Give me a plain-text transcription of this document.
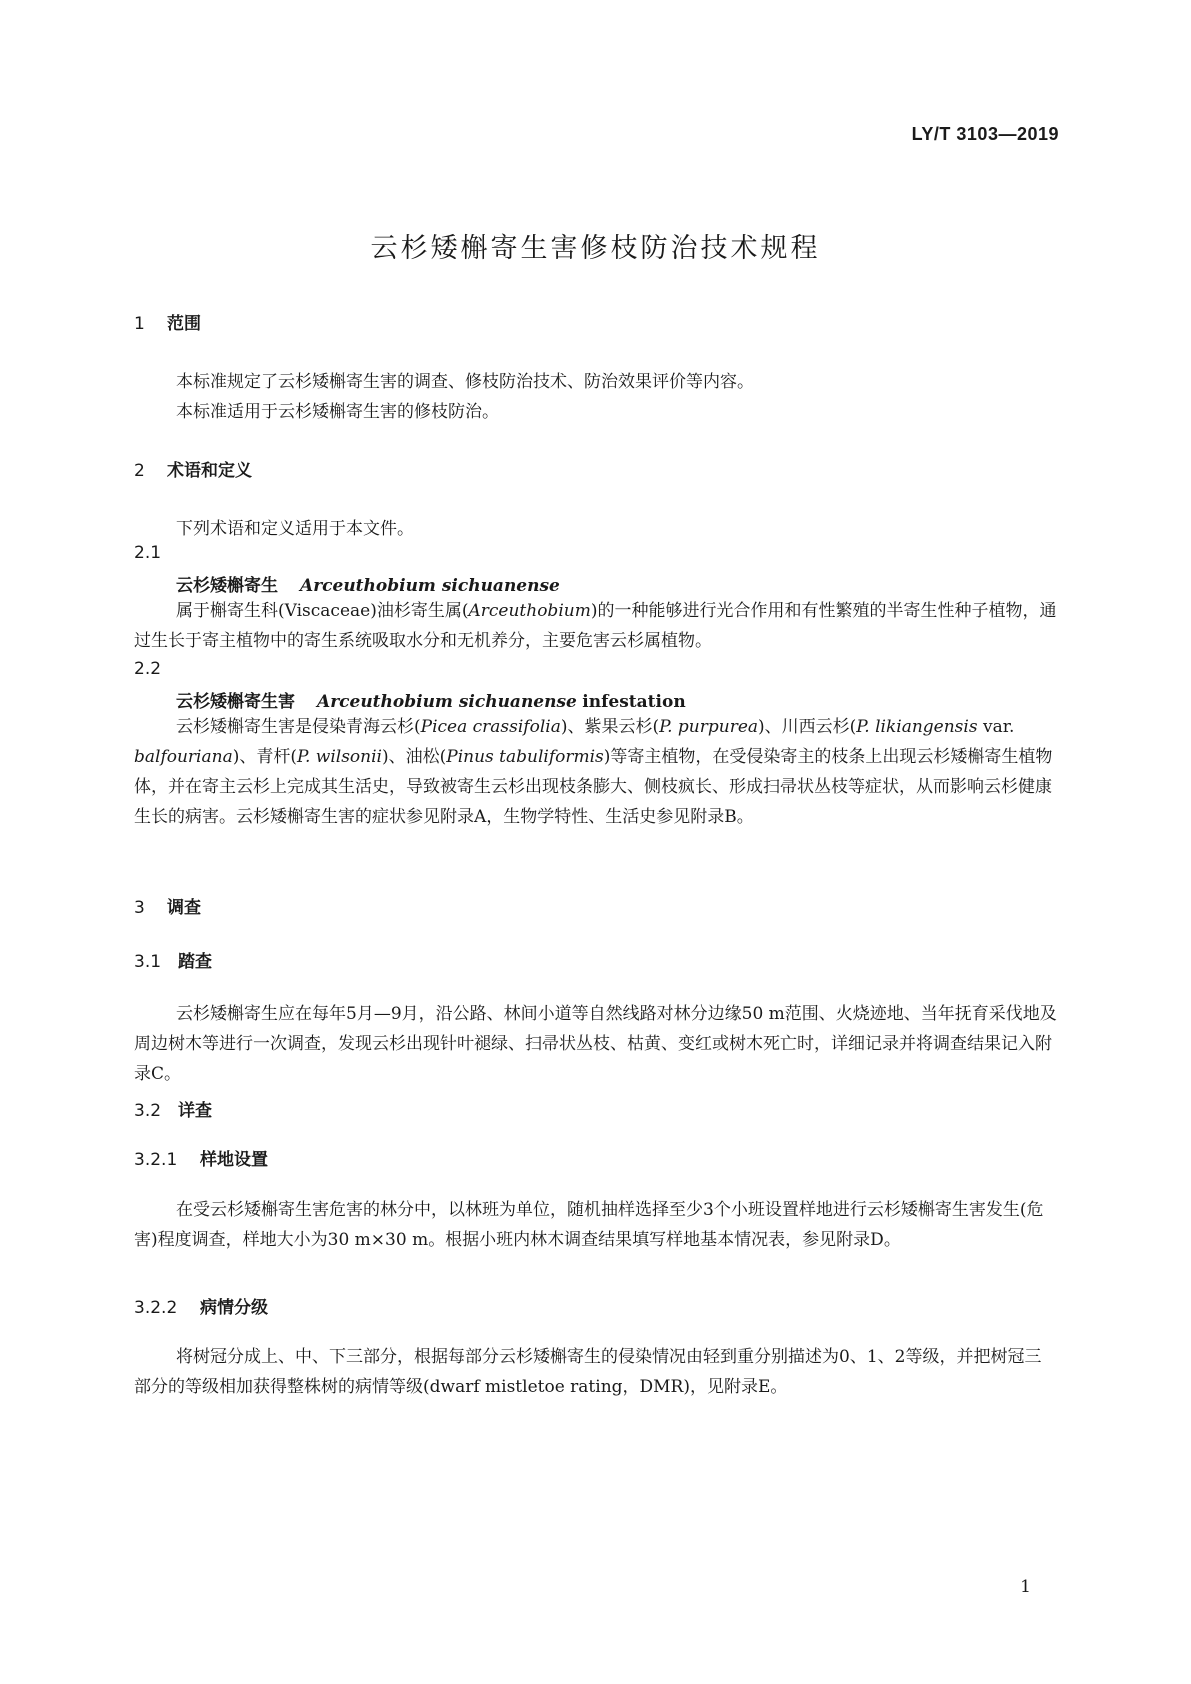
LY/T 3103—2019
云杉矮槲寄生害修枝防治技术规程
1 范围
本标准规定了云杉矮槲寄生害的调查、修枝防治技术、防治效果评价等内容。
本标准适用于云杉矮槲寄生害的修枝防治。
2 术语和定义
下列术语和定义适用于本文件。
2.1
云杉矮槲寄生 Arceuthobium sichuanense
属于槲寄生科(Viscaceae)油杉寄生属(Arceuthobium)的一种能够进行光合作用和有性繁殖的半寄生性种子植物，通过生长于寄主植物中的寄生系统吸取水分和无机养分，主要危害云杉属植物。
2.2
云杉矮槲寄生害 Arceuthobium sichuanense infestation
云杉矮槲寄生害是侵染青海云杉(Picea crassifolia)、紫果云杉(P. purpurea)、川西云杉(P. likiangensis var. balfouriana)、青杆(P. wilsonii)、油松(Pinus tabuliformis)等寄主植物，在受侵染寄主的枝条上出现云杉矮槲寄生植物体，并在寄主云杉上完成其生活史，导致被寄生云杉出现枝条膨大、侧枝疯长、形成扫帚状丛枝等症状，从而影响云杉健康生长的病害。云杉矮槲寄生害的症状参见附录A，生物学特性、生活史参见附录B。
3 调查
3.1 踏查
云杉矮槲寄生应在每年5月—9月，沿公路、林间小道等自然线路对林分边缘50 m范围、火烧迹地、当年抚育采伐地及周边树木等进行一次调查，发现云杉出现针叶褪绿、扫帚状丛枝、枯黄、变红或树木死亡时，详细记录并将调查结果记入附录C。
3.2 详查
3.2.1 样地设置
在受云杉矮槲寄生害危害的林分中，以林班为单位，随机抽样选择至少3个小班设置样地进行云杉矮槲寄生害发生(危害)程度调查，样地大小为30 m×30 m。根据小班内林木调查结果填写样地基本情况表，参见附录D。
3.2.2 病情分级
将树冠分成上、中、下三部分，根据每部分云杉矮槲寄生的侵染情况由轻到重分别描述为0、1、2等级，并把树冠三部分的等级相加获得整株树的病情等级(dwarf mistletoe rating，DMR)，见附录E。
1
